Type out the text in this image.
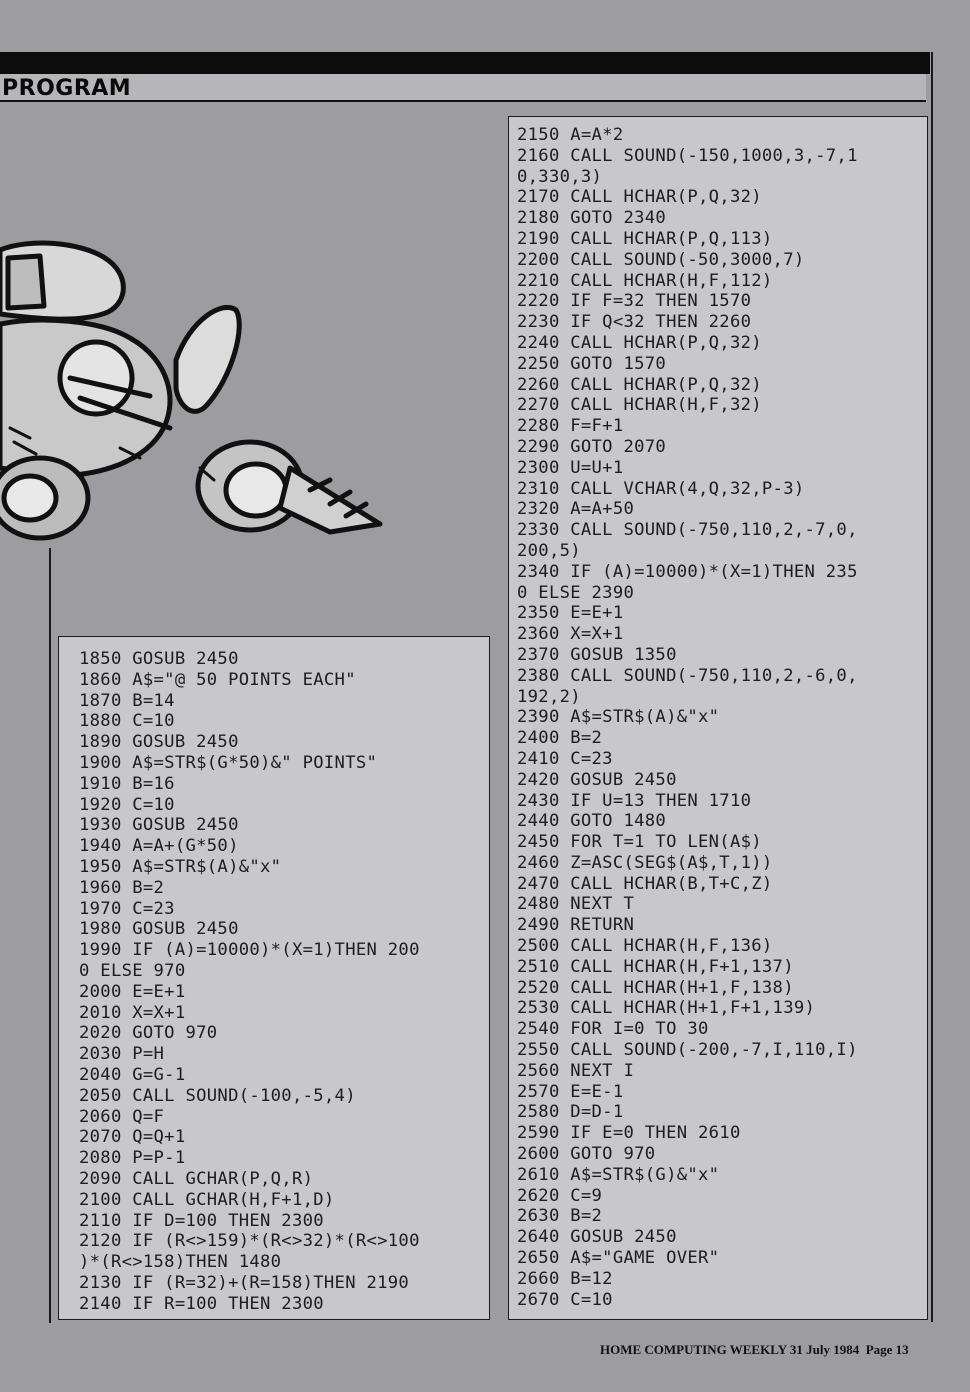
PROGRAM
1850 GOSUB 2450
1860 A$="@ 50 POINTS EACH"
1870 B=14
1880 C=10
1890 GOSUB 2450
1900 A$=STR$(G*50)&" POINTS"
1910 B=16
1920 C=10
1930 GOSUB 2450
1940 A=A+(G*50)
1950 A$=STR$(A)&"x"
1960 B=2
1970 C=23
1980 GOSUB 2450
1990 IF (A)=10000)*(X=1)THEN 200
0 ELSE 970
2000 E=E+1
2010 X=X+1
2020 GOTO 970
2030 P=H
2040 G=G-1
2050 CALL SOUND(-100,-5,4)
2060 Q=F
2070 Q=Q+1
2080 P=P-1
2090 CALL GCHAR(P,Q,R)
2100 CALL GCHAR(H,F+1,D)
2110 IF D=100 THEN 2300
2120 IF (R<>159)*(R<>32)*(R<>100
)*(R<>158)THEN 1480
2130 IF (R=32)+(R=158)THEN 2190
2140 IF R=100 THEN 2300
2150 A=A*2
2160 CALL SOUND(-150,1000,3,-7,1
0,330,3)
2170 CALL HCHAR(P,Q,32)
2180 GOTO 2340
2190 CALL HCHAR(P,Q,113)
2200 CALL SOUND(-50,3000,7)
2210 CALL HCHAR(H,F,112)
2220 IF F=32 THEN 1570
2230 IF Q<32 THEN 2260
2240 CALL HCHAR(P,Q,32)
2250 GOTO 1570
2260 CALL HCHAR(P,Q,32)
2270 CALL HCHAR(H,F,32)
2280 F=F+1
2290 GOTO 2070
2300 U=U+1
2310 CALL VCHAR(4,Q,32,P-3)
2320 A=A+50
2330 CALL SOUND(-750,110,2,-7,0,
200,5)
2340 IF (A)=10000)*(X=1)THEN 235
0 ELSE 2390
2350 E=E+1
2360 X=X+1
2370 GOSUB 1350
2380 CALL SOUND(-750,110,2,-6,0,
192,2)
2390 A$=STR$(A)&"x"
2400 B=2
2410 C=23
2420 GOSUB 2450
2430 IF U=13 THEN 1710
2440 GOTO 1480
2450 FOR T=1 TO LEN(A$)
2460 Z=ASC(SEG$(A$,T,1))
2470 CALL HCHAR(B,T+C,Z)
2480 NEXT T
2490 RETURN
2500 CALL HCHAR(H,F,136)
2510 CALL HCHAR(H,F+1,137)
2520 CALL HCHAR(H+1,F,138)
2530 CALL HCHAR(H+1,F+1,139)
2540 FOR I=0 TO 30
2550 CALL SOUND(-200,-7,I,110,I)
2560 NEXT I
2570 E=E-1
2580 D=D-1
2590 IF E=0 THEN 2610
2600 GOTO 970
2610 A$=STR$(G)&"x"
2620 C=9
2630 B=2
2640 GOSUB 2450
2650 A$="GAME OVER"
2660 B=12
2670 C=10

HOME COMPUTING WEEKLY 31 July 1984 Page 13
